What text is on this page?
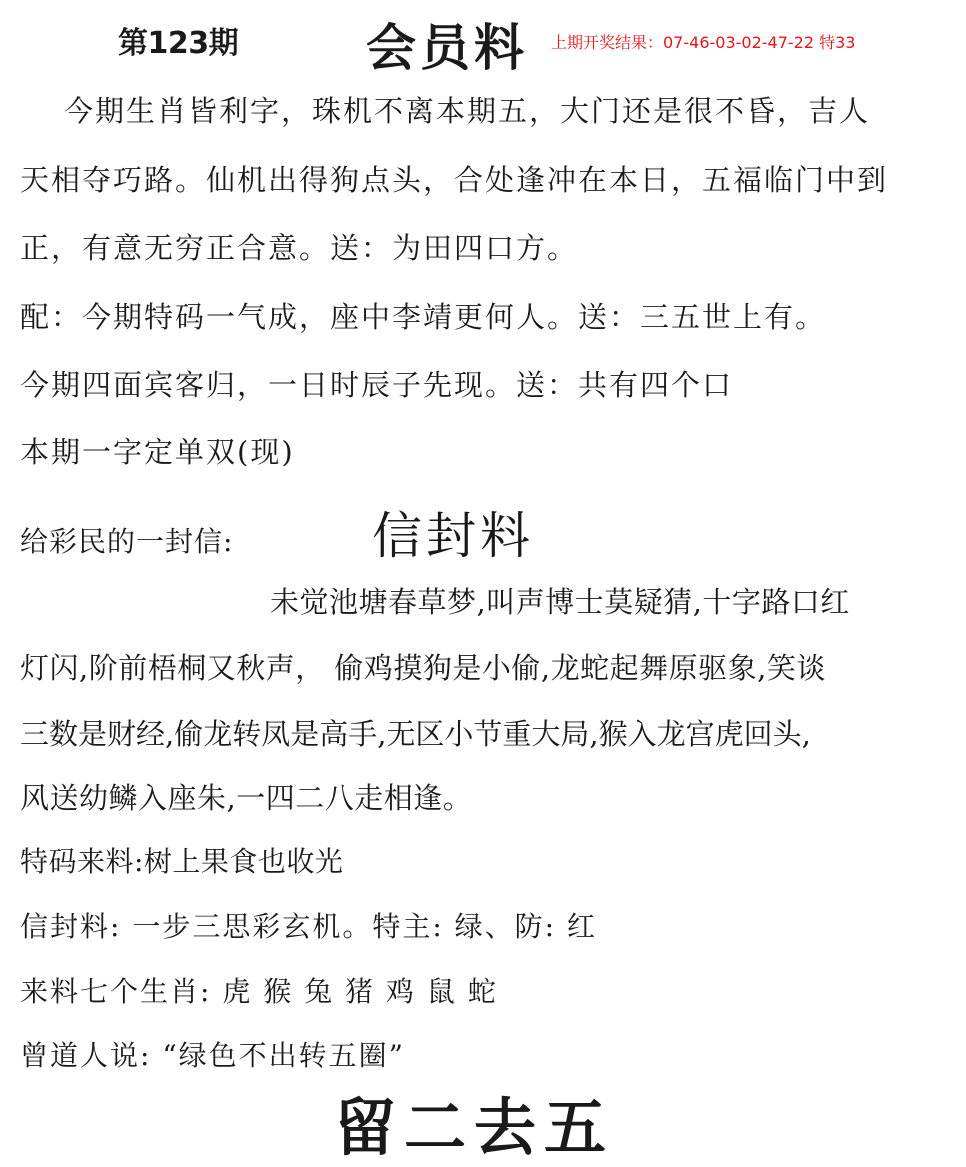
第123期	会员料 上期开奖结果：07-46-03-02-47-22 特33
今期生肖皆利字，珠机不离本期五，大门还是很不昏，吉人
天相夺巧路。仙机出得狗点头，合处逢冲在本日，五福临门中到
正，有意无穷正合意。送：为田四口方。
配：今期特码一气成，座中李靖更何人。送：三五世上有。
今期四面宾客归，一日时辰子先现。送：共有四个口
本期一字定单双(现)
给彩民的一封信:	信封料
未觉池塘春草梦,叫声博士莫疑猜,十字路口红
灯闪,阶前梧桐又秋声， 偷鸡摸狗是小偷,龙蛇起舞原驱象,笑谈
三数是财经,偷龙转凤是高手,无区小节重大局,猴入龙宫虎回头,
风送幼鳞入座朱,一四二八走相逢。
特码来料:树上果食也收光
信封料: 一步三思彩玄机。特主: 绿、防: 红
来料七个生肖: 虎 猴 兔 猪 鸡 鼠 蛇
曾道人说: “绿色不出转五圈”
留二去五
